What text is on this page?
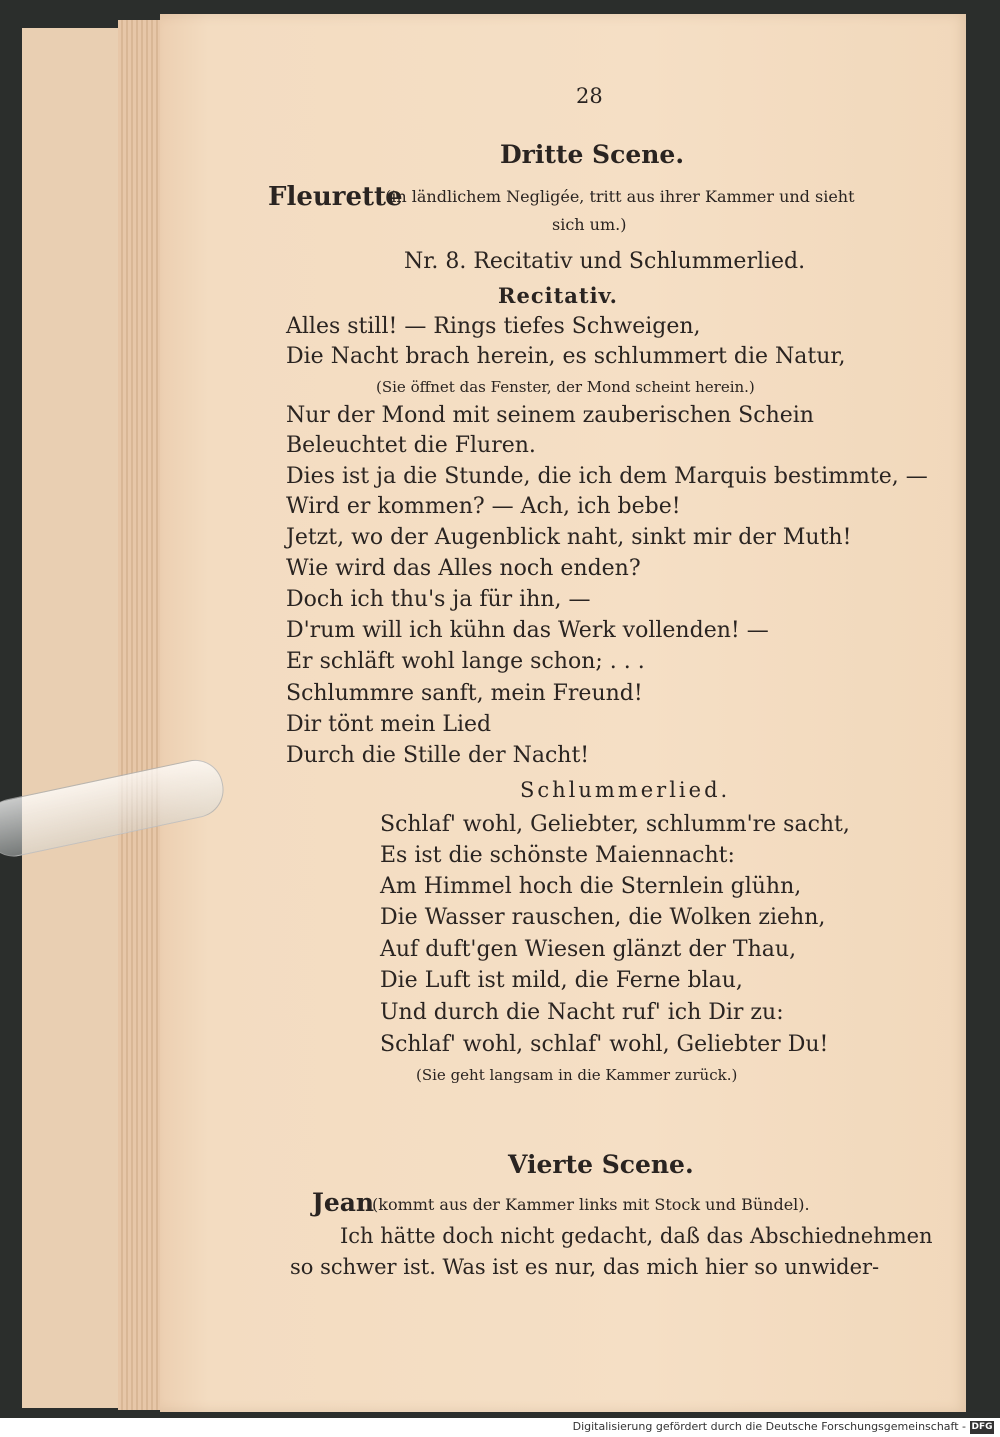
28
Dritte Scene.
Fleurette
(in ländlichem Negligée, tritt aus ihrer Kammer und sieht
sich um.)
Nr. 8. Recitativ und Schlummerlied.
Recitativ.
Alles still! — Rings tiefes Schweigen,
Die Nacht brach herein, es schlummert die Natur,
(Sie öffnet das Fenster, der Mond scheint herein.)
Nur der Mond mit seinem zauberischen Schein
Beleuchtet die Fluren.
Dies ist ja die Stunde, die ich dem Marquis bestimmte, —
Wird er kommen? — Ach, ich bebe!
Jetzt, wo der Augenblick naht, sinkt mir der Muth!
Wie wird das Alles noch enden?
Doch ich thu's ja für ihn, —
D'rum will ich kühn das Werk vollenden! —
Er schläft wohl lange schon; . . .
Schlummre sanft, mein Freund!
Dir tönt mein Lied
Durch die Stille der Nacht!
Schlummerlied.
Schlaf' wohl, Geliebter, schlumm're sacht,
Es ist die schönste Maiennacht:
Am Himmel hoch die Sternlein glühn,
Die Wasser rauschen, die Wolken ziehn,
Auf duft'gen Wiesen glänzt der Thau,
Die Luft ist mild, die Ferne blau,
Und durch die Nacht ruf' ich Dir zu:
Schlaf' wohl, schlaf' wohl, Geliebter Du!
(Sie geht langsam in die Kammer zurück.)
Vierte Scene.
Jean
(kommt aus der Kammer links mit Stock und Bündel).
Ich hätte doch nicht gedacht, daß das Abschiednehmen
so schwer ist. Was ist es nur, das mich hier so unwider-
Digitalisierung gefördert durch die Deutsche Forschungsgemeinschaft - DFG
